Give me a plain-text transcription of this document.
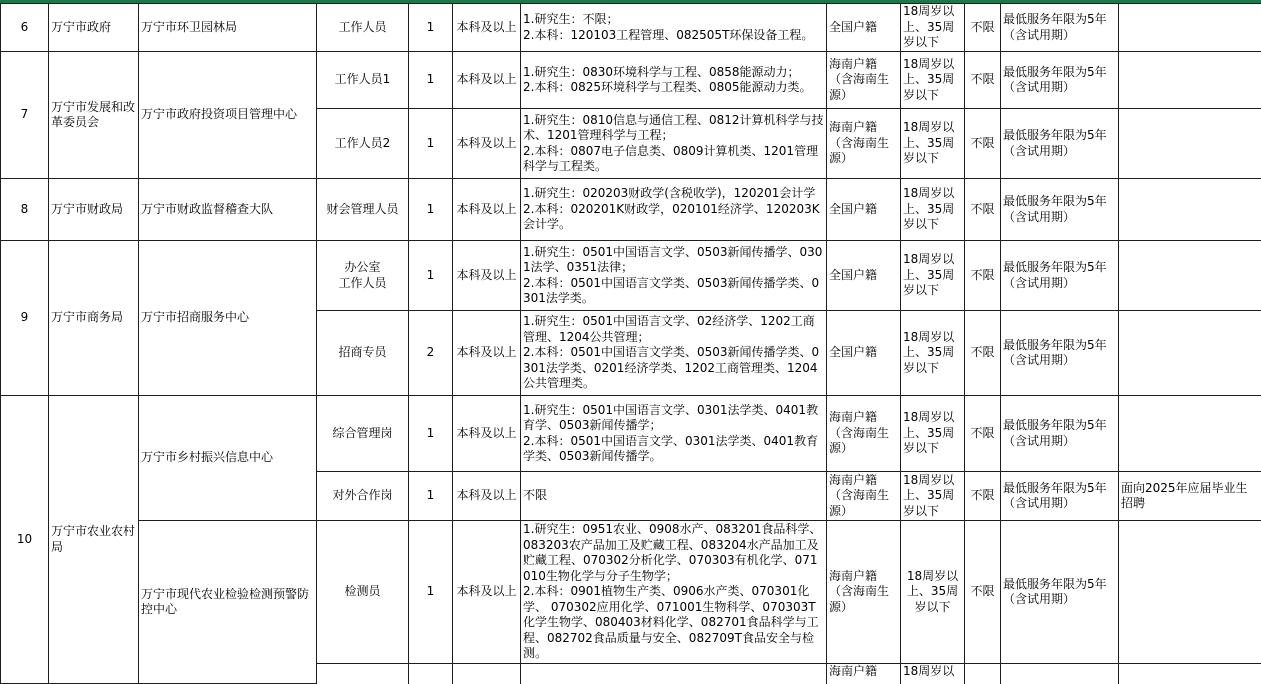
6	万宁市政府	万宁市环卫园林局	工作人员	1	本科及以上	1.研究生：不限；
2.本科：120103工程管理、082505T环保设备工程。	全国户籍	18周岁以上、35周岁以下	不限	最低服务年限为5年（含试用期）	
7	万宁市发展和改革委员会	万宁市政府投资项目管理中心	工作人员1	1	本科及以上	1.研究生：0830环境科学与工程、0858能源动力；
2.本科：0825环境科学与工程类、0805能源动力类。	海南户籍（含海南生源）	18周岁以上、35周岁以下	不限	最低服务年限为5年（含试用期）	
			工作人员2	1	本科及以上	1.研究生：0810信息与通信工程、0812计算机科学与技术、1201管理科学与工程；
2.本科：0807电子信息类、0809计算机类、1201管理科学与工程类。	海南户籍（含海南生源）	18周岁以上、35周岁以下	不限	最低服务年限为5年（含试用期）	
8	万宁市财政局	万宁市财政监督稽查大队	财会管理人员	1	本科及以上	1.研究生：020203财政学(含税收学)，120201会计学
2.本科：020201K财政学，020101经济学、120203K会计学。	全国户籍	18周岁以上、35周岁以下	不限	最低服务年限为5年（含试用期）	
9	万宁市商务局	万宁市招商服务中心	办公室
工作人员	1	本科及以上	1.研究生：0501中国语言文学、0503新闻传播学、0301法学、0351法律；
2.本科：0501中国语言文学类、0503新闻传播学类、0301法学类。	全国户籍	18周岁以上、35周岁以下	不限	最低服务年限为5年（含试用期）	
			招商专员	2	本科及以上	1.研究生：0501中国语言文学、02经济学、1202工商管理、1204公共管理；
2.本科：0501中国语言文学类、0503新闻传播学类、0301法学类、0201经济学类、1202工商管理类、1204公共管理类。	全国户籍	18周岁以上、35周岁以下	不限	最低服务年限为5年（含试用期）	
10	万宁市农业农村局	万宁市乡村振兴信息中心	综合管理岗	1	本科及以上	1.研究生：0501中国语言文学、0301法学类、0401教育学、0503新闻传播学；
2.本科：0501中国语言文学、0301法学类、0401教育学类、0503新闻传播学。	海南户籍（含海南生源）	18周岁以上、35周岁以下	不限	最低服务年限为5年（含试用期）	
			对外合作岗	1	本科及以上	不限	海南户籍（含海南生源）	18周岁以上、35周岁以下	不限	最低服务年限为5年（含试用期）	面向2025年应届毕业生招聘
		万宁市现代农业检验检测预警防控中心	检测员	1	本科及以上	1.研究生：0951农业、0908水产、083201食品科学、083203农产品加工及贮藏工程、083204水产品加工及贮藏工程、070302分析化学、070303有机化学、071010生物化学与分子生物学；
2.本科：0901植物生产类、0906水产类、070301化学、 070302应用化学、071001生物科学、070303T化学生物学、080403材料化学、082701食品科学与工程、082702食品质量与安全、082709T食品安全与检测。	海南户籍（含海南生源）	18周岁以上、35周岁以下	不限	最低服务年限为5年（含试用期）	
							海南户籍	18周岁以			
